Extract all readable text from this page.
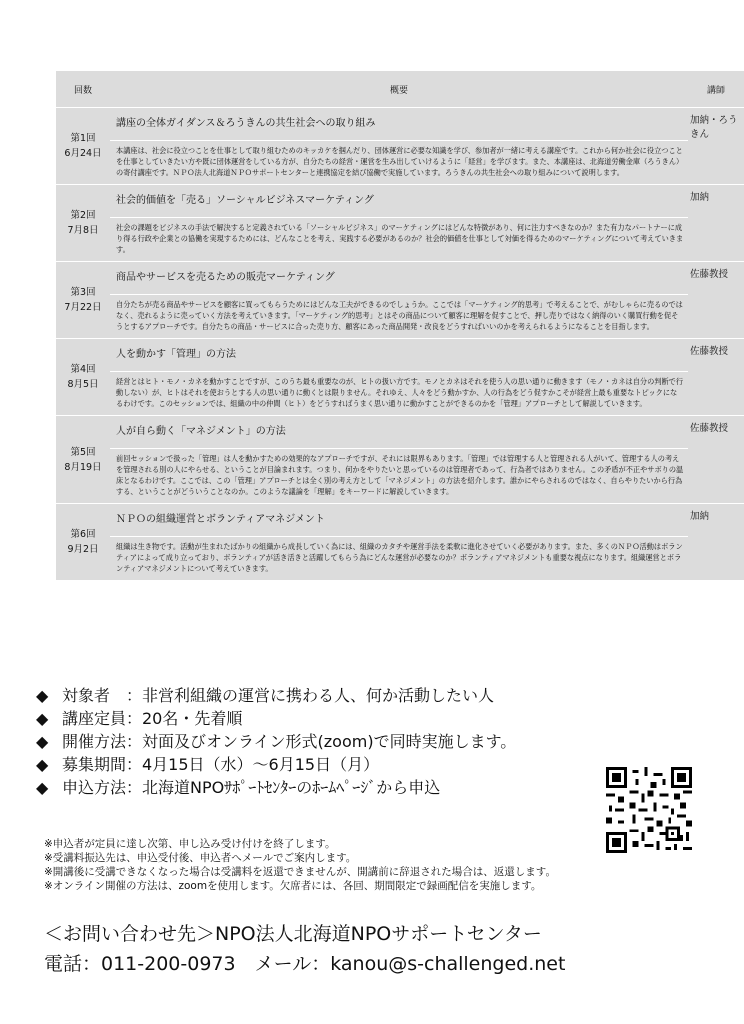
回数	概要	講師

第1回
6月24日	講座の全体ガイダンス＆ろうきんの共生社会への取り組み	加納・ろうきん
	本講座は、社会に役立つことを仕事として取り組むためのキッカケを掴んだり、団体運営に必要な知識を学び、参加者が一緒に考える講座です。これから何か社会に役立つことを仕事としていきたい方や既に団体運営をしている方が、自分たちの経営・運営を生み出していけるように「経営」を学びます。また、本講座は、北海道労働金庫（ろうきん）の寄付講座です。ＮＰＯ法人北海道ＮＰＯサポートセンターと連携協定を結び協働で実施しています。ろうきんの共生社会への取り組みについて説明します。	

第2回
7月8日	社会的価値を「売る」ソーシャルビジネスマーケティング	加納
	社会の課題をビジネスの手法で解決すると定義されている「ソーシャルビジネス」のマーケティングにはどんな特徴があり、何に注力すべきなのか？また有力なパートナーに成り得る行政や企業との協働を実現するためには、どんなことを考え、実践する必要があるのか？社会的価値を仕事として対価を得るためのマーケティングについて考えていきます。	

第3回
7月22日	商品やサービスを売るための販売マーケティング	佐藤教授
	自分たちが売る商品やサービスを顧客に買ってもらうためにはどんな工夫ができるのでしょうか。ここでは「マーケティング的思考」で考えることで、がむしゃらに売るのではなく、売れるように売っていく方法を考えていきます。「マーケティング的思考」とはその商品について顧客に理解を促すことで、押し売りではなく納得のいく購買行動を促そうとするアプローチです。自分たちの商品・サービスに合った売り方、顧客にあった商品開発・改良をどうすればいいのかを考えられるようになることを目指します。	

第4回
8月5日	人を動かす「管理」の方法	佐藤教授
	経営とはヒト・モノ・カネを動かすことですが、このうち最も重要なのが、ヒトの扱い方です。モノとカネはそれを使う人の思い通りに動きます（モノ・カネは自分の判断で行動しない）が、ヒトはそれを使おうとする人の思い通りに動くとは限りません。それゆえ、人々をどう動かすか、人の行為をどう促すかこそが経営上最も重要なトピックになるわけです。このセッションでは、組織の中の仲間（ヒト）をどうすればうまく思い通りに動かすことができるのかを「管理」アプローチとして解説していきます。	

第5回
8月19日	人が自ら動く「マネジメント」の方法	佐藤教授
	前回セッションで扱った「管理」は人を動かすための効果的なアプローチですが、それには限界もあります。「管理」では管理する人と管理される人がいて、管理する人の考えを管理される別の人にやらせる、ということが目論まれます。つまり、何かをやりたいと思っているのは管理者であって、行為者ではありません。この矛盾が不正やサボりの温床となるわけです。ここでは、この「管理」アプローチとは全く別の考え方として「マネジメント」の方法を紹介します。誰かにやらされるのではなく、自らやりたいから行為する、ということがどういうことなのか。このような議論を「理解」をキーワードに解説していきます。	

第6回
9月2日	ＮＰＯの組織運営とボランティアマネジメント	加納
	組織は生き物です。活動が生まれたばかりの組織から成長していく為には、組織のカタチや運営手法を柔軟に進化させていく必要があります。また、多くのＮＰＯ活動はボランティアによって成り立っており、ボランティアが活き活きと活躍してもらう為にどんな運営が必要なのか？ボランティアマネジメントも重要な視点になります。組織運営とボランティアマネジメントについて考えていきます。	
◆ 対象者　：非営利組織の運営に携わる人、何か活動したい人
◆ 講座定員：20名・先着順
◆ 開催方法：対面及びオンライン形式(zoom)で同時実施します。
◆ 募集期間：4月15日（水）～6月15日（月）
◆ 申込方法：北海道NPOｻﾎﾟｰﾄｾﾝﾀｰのﾎｰﾑﾍﾟｰｼﾞから申込
※申込者が定員に達し次第、申し込み受け付けを終了します。
※受講料振込先は、申込受付後、申込者へメールでご案内します。
※開講後に受講できなくなった場合は受講料を返還できませんが、開講前に辞退された場合は、返還します。
※オンライン開催の方法は、zoomを使用します。欠席者には、各回、期間限定で録画配信を実施します。
＜お問い合わせ先＞NPO法人北海道NPOサポートセンター
電話：011-200-0973　メール：kanou@s-challenged.net
